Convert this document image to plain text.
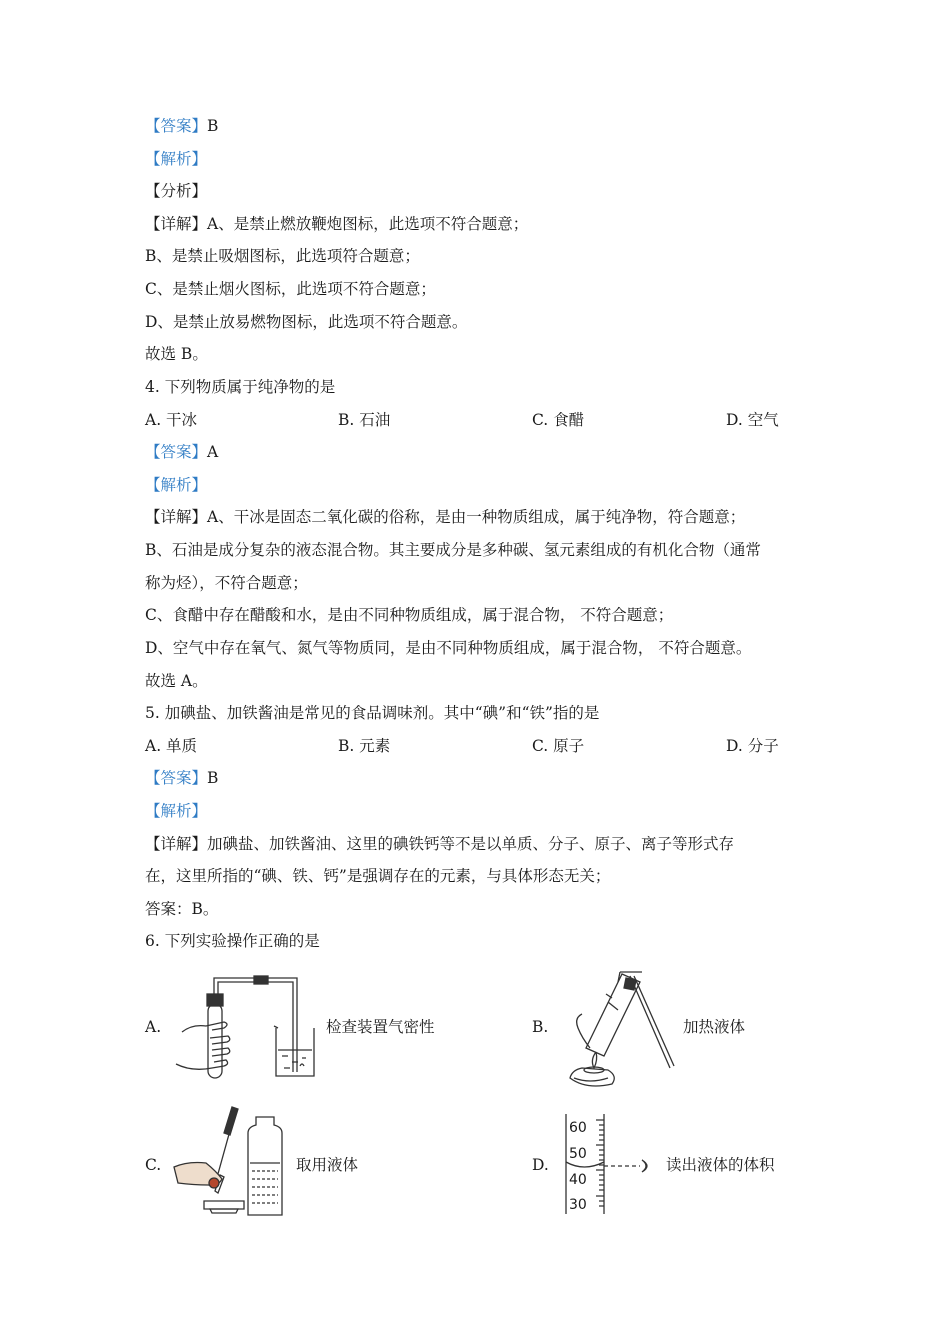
【答案】B
【解析】
【分析】
【详解】A、是禁止燃放鞭炮图标，此选项不符合题意；
B、是禁止吸烟图标，此选项符合题意；
C、是禁止烟火图标，此选项不符合题意；
D、是禁止放易燃物图标，此选项不符合题意。
故选 B。
4. 下列物质属于纯净物的是
A. 干冰	B. 石油	C. 食醋	D. 空气
【答案】A
【解析】
【详解】A、干冰是固态二氧化碳的俗称，是由一种物质组成，属于纯净物，符合题意；
B、石油是成分复杂的液态混合物。其主要成分是多种碳、氢元素组成的有机化合物（通常
称为烃），不符合题意；
C、食醋中存在醋酸和水，是由不同种物质组成，属于混合物， 不符合题意；
D、空气中存在氧气、氮气等物质同，是由不同种物质组成，属于混合物， 不符合题意。
故选 A。
5. 加碘盐、加铁酱油是常见的食品调味剂。其中“碘”和“铁”指的是
A. 单质	B. 元素	C. 原子	D. 分子
【答案】B
【解析】
【详解】加碘盐、加铁酱油、这里的碘铁钙等不是以单质、分子、原子、离子等形式存
在，这里所指的“碘、铁、钙”是强调存在的元素，与具体形态无关；
答案：B。
6. 下列实验操作正确的是
A.	检查装置气密性	B.	加热液体
C.	取用液体	D.
60
50
40
30
读出液体的体积
